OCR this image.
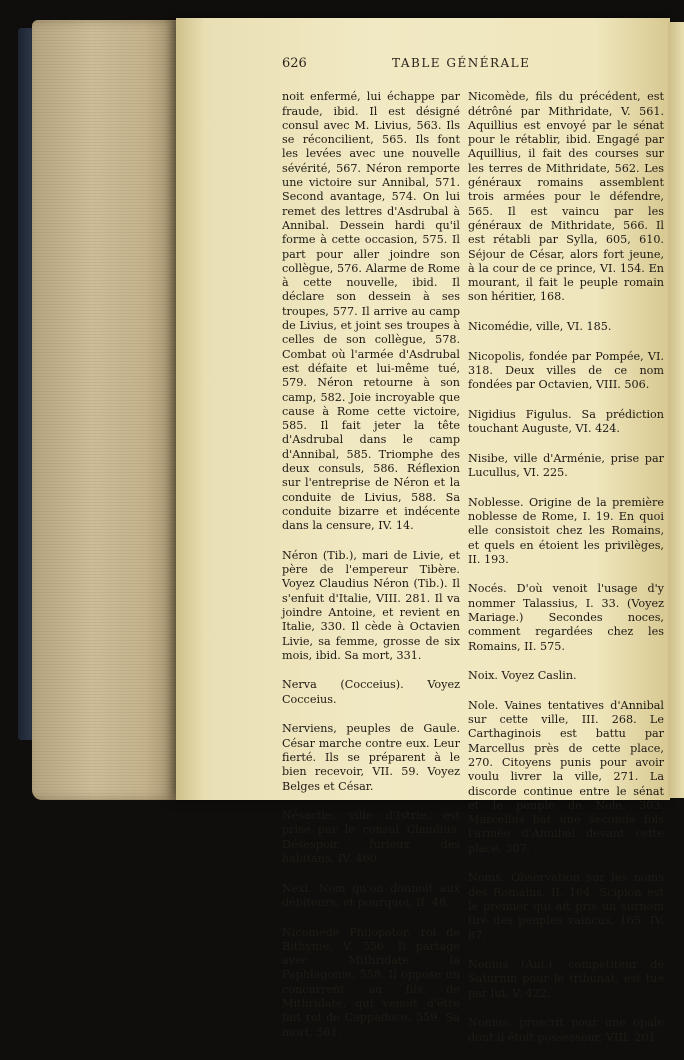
626	TABLE GÉNÉRALE

noit enfermé, lui échappe par fraude, ibid. Il est désigné consul avec M. Livius, 563. Ils se réconcilient, 565. Ils font les levées avec une nouvelle sévérité, 567. Néron remporte une victoire sur Annibal, 571. Second avantage, 574. On lui remet des lettres d'Asdrubal à Annibal. Dessein hardi qu'il forme à cette occasion, 575. Il part pour aller joindre son collègue, 576. Alarme de Rome à cette nouvelle, ibid. Il déclare son dessein à ses troupes, 577. Il arrive au camp de Livius, et joint ses troupes à celles de son collègue, 578. Combat où l'armée d'Asdrubal est défaite et lui-même tué, 579. Néron retourne à son camp, 582. Joie incroyable que cause à Rome cette victoire, 585. Il fait jeter la tête d'Asdrubal dans le camp d'Annibal, 585. Triomphe des deux consuls, 586. Réflexion sur l'entreprise de Néron et la conduite de Livius, 588. Sa conduite bizarre et indécente dans la censure, IV. 14.

Néron (Tib.), mari de Livie, et père de l'empereur Tibère. Voyez Claudius Néron (Tib.). Il s'enfuit d'Italie, VIII. 281. Il va joindre Antoine, et revient en Italie, 330. Il cède à Octavien Livie, sa femme, grosse de six mois, ibid. Sa mort, 331.

Nerva (Cocceius). Voyez Cocceius.

Nerviens, peuples de Gaule. César marche contre eux. Leur fierté. Ils se préparent à le bien recevoir, VII. 59. Voyez Belges et César.

Nésactie, ville d'Istrie, est prise par le consul Claudius. Désespoir furieux des habitans, IV. 460.

Nexi. Nom qu'on donnoit aux débiteurs, et pourquoi, II. 48.

Nicomède Philopator, roi de Bithynie, V. 556. Il partage avec Mithridate la Paphlagonie, 558. Il oppose un concurrent au fils de Mithridate, qui venoit d'être fait roi de Cappadoce, 559. Sa mort, 561.

Nicomède, fils du précédent, est détrôné par Mithridate, V. 561. Aquillius est envoyé par le sénat pour le rétablir, ibid. Engagé par Aquillius, il fait des courses sur les terres de Mithridate, 562. Les généraux romains assemblent trois armées pour le défendre, 565. Il est vaincu par les généraux de Mithridate, 566. Il est rétabli par Sylla, 605, 610. Séjour de César, alors fort jeune, à la cour de ce prince, VI. 154. En mourant, il fait le peuple romain son héritier, 168.

Nicomédie, ville, VI. 185.

Nicopolis, fondée par Pompée, VI. 318. Deux villes de ce nom fondées par Octavien, VIII. 506.

Nigidius Figulus. Sa prédiction touchant Auguste, VI. 424.

Nisibe, ville d'Arménie, prise par Lucullus, VI. 225.

Noblesse. Origine de la première noblesse de Rome, I. 19. En quoi elle consistoit chez les Romains, et quels en étoient les privilèges, II. 193.

Nocés. D'où venoit l'usage d'y nommer Talassius, I. 33. (Voyez Mariage.) Secondes noces, comment regardées chez les Romains, II. 575.

Noix. Voyez Caslin.

Nole. Vaines tentatives d'Annibal sur cette ville, III. 268. Le Carthaginois est battu par Marcellus près de cette place, 270. Citoyens punis pour avoir voulu livrer la ville, 271. La discorde continue entre le sénat et le peuple de Nole, 303. Marcellus bat une seconde fois l'armée d'Annibal devant cette place, 307.

Noms. Observation sur les noms des Romains, II. 164. Scipion est le premier qui ait pris un surnom tiré des peuples vaincus, 165. IV. 87.

Nonius (Aul.), compétiteur de Saturnin pour le tribunat, est tué par lui, V. 422.

Nonius, proscrit pour une opale dont il étoit possesseur, VIII. 201.
